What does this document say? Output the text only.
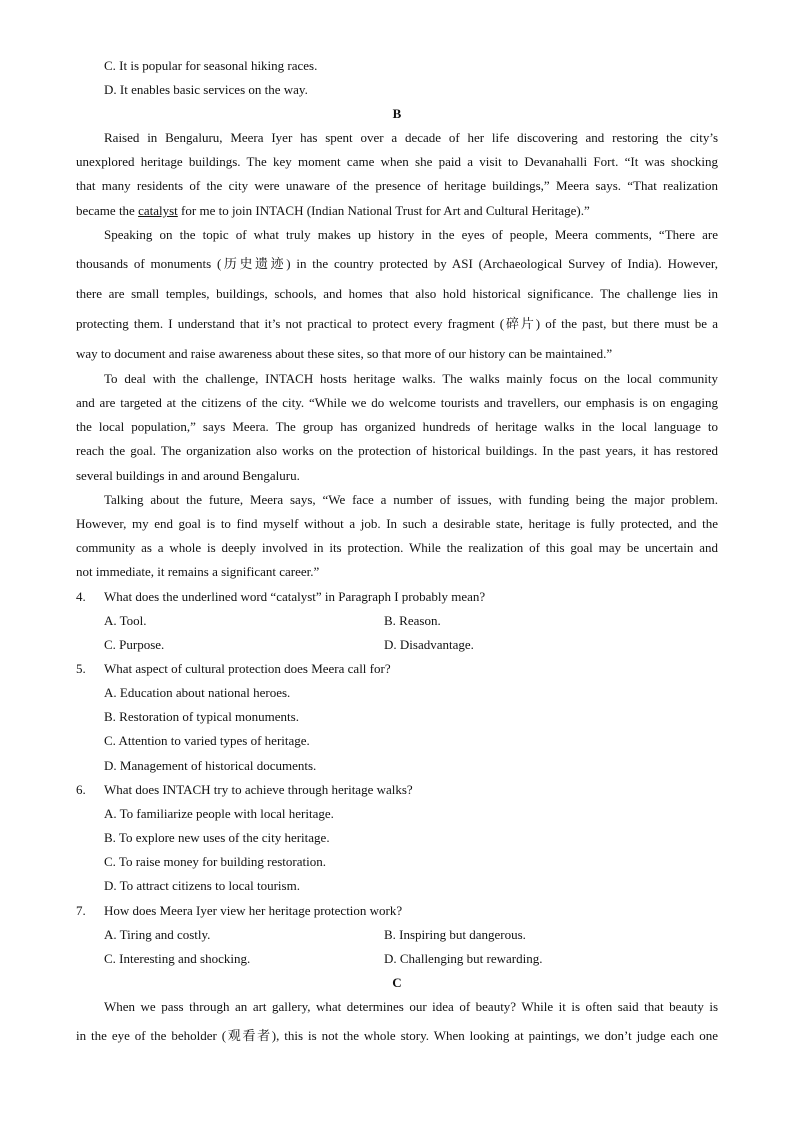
C. It is popular for seasonal hiking races.
D. It enables basic services on the way.
B
Raised in Bengaluru, Meera Iyer has spent over a decade of her life discovering and restoring the city’s
unexplored heritage buildings. The key moment came when she paid a visit to Devanahalli Fort. “It was shocking
that many residents of the city were unaware of the presence of heritage buildings,” Meera says. “That realization
became the catalyst for me to join INTACH (Indian National Trust for Art and Cultural Heritage).”
Speaking on the topic of what truly makes up history in the eyes of people, Meera comments, “There are
thousands of monuments (历史遗迹) in the country protected by ASI (Archaeological Survey of India). However,
there are small temples, buildings, schools, and homes that also hold historical significance. The challenge lies in
protecting them. I understand that it’s not practical to protect every fragment (碎片) of the past, but there must be a
way to document and raise awareness about these sites, so that more of our history can be maintained.”
To deal with the challenge, INTACH hosts heritage walks. The walks mainly focus on the local community
and are targeted at the citizens of the city. “While we do welcome tourists and travellers, our emphasis is on engaging
the local population,” says Meera. The group has organized hundreds of heritage walks in the local language to
reach the goal. The organization also works on the protection of historical buildings. In the past years, it has restored
several buildings in and around Bengaluru.
Talking about the future, Meera says, “We face a number of issues, with funding being the major problem.
However, my end goal is to find myself without a job. In such a desirable state, heritage is fully protected, and the
community as a whole is deeply involved in its protection. While the realization of this goal may be uncertain and
not immediate, it remains a significant career.”
4. What does the underlined word “catalyst” in Paragraph I probably mean?
A. Tool.	B. Reason.
C. Purpose.	D. Disadvantage.
5. What aspect of cultural protection does Meera call for?
A. Education about national heroes.
B. Restoration of typical monuments.
C. Attention to varied types of heritage.
D. Management of historical documents.
6. What does INTACH try to achieve through heritage walks?
A. To familiarize people with local heritage.
B. To explore new uses of the city heritage.
C. To raise money for building restoration.
D. To attract citizens to local tourism.
7. How does Meera Iyer view her heritage protection work?
A. Tiring and costly.	B. Inspiring but dangerous.
C. Interesting and shocking.	D. Challenging but rewarding.
C
When we pass through an art gallery, what determines our idea of beauty? While it is often said that beauty is
in the eye of the beholder (观看者), this is not the whole story. When looking at paintings, we don’t judge each one
